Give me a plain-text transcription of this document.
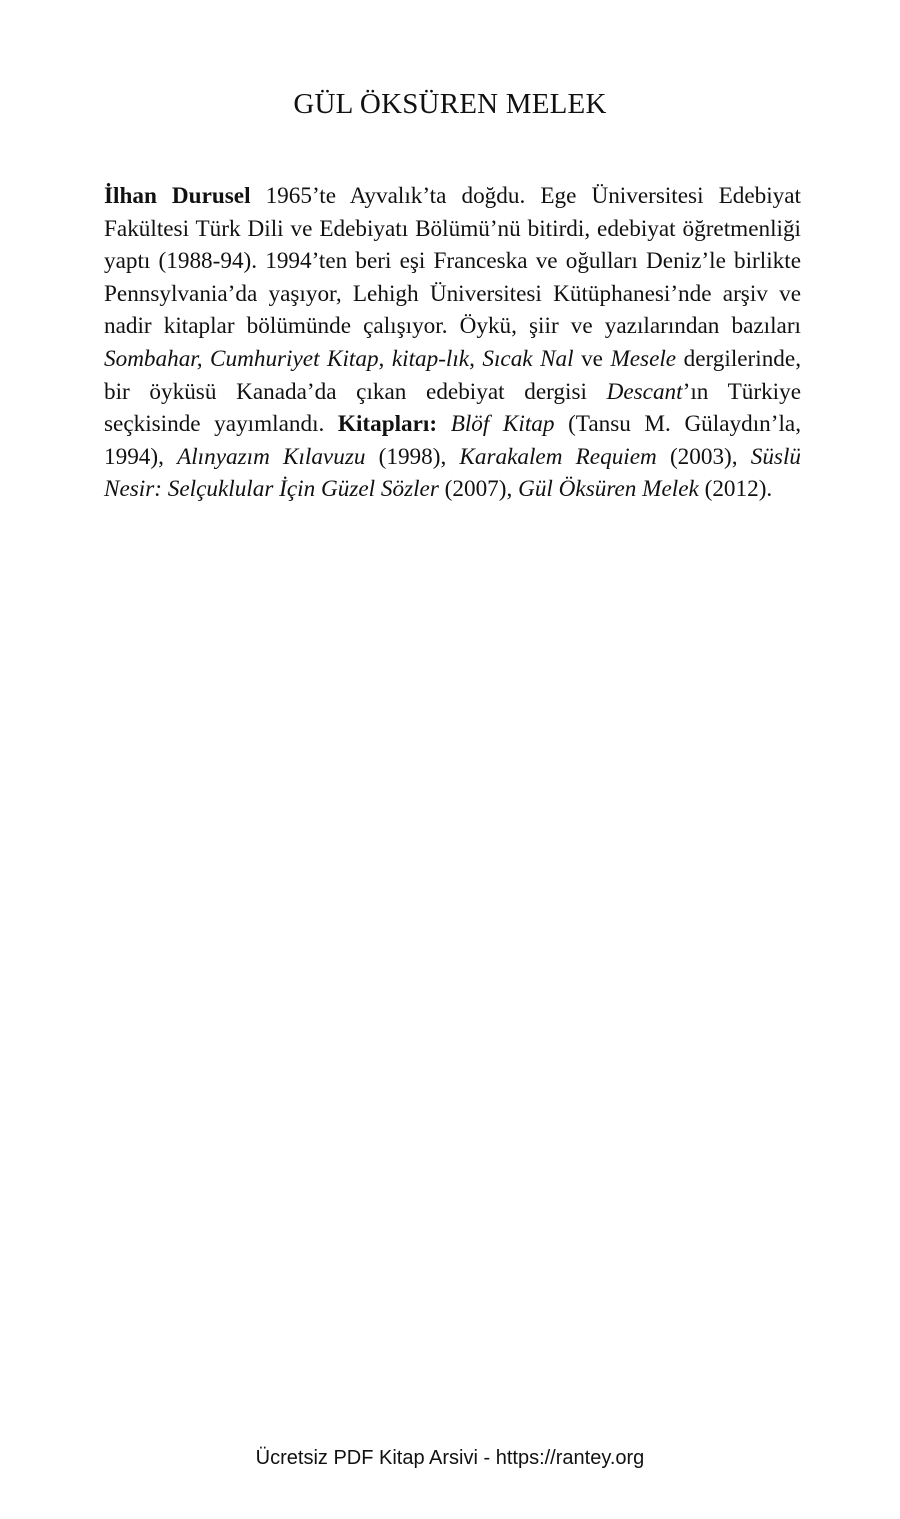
GÜL ÖKSÜREN MELEK

İlhan Durusel 1965’te Ayvalık’ta doğdu. Ege Üniversitesi Edebiyat Fakültesi Türk Dili ve Edebiyatı Bölümü’nü bitirdi, edebiyat öğretmenliği yaptı (1988-94). 1994’ten beri eşi Franceska ve oğulları Deniz’le birlikte Pennsylvania’da yaşıyor, Lehigh Üniversitesi Kütüphanesi’nde arşiv ve nadir kitaplar bölümünde çalışıyor. Öykü, şiir ve yazılarından bazıları Sombahar, Cumhuriyet Kitap, kitap-lık, Sıcak Nal ve Mesele dergilerinde, bir öyküsü Kanada’da çıkan edebiyat dergisi Descant’ın Türkiye seçkisinde yayımlandı. Kitapları: Blöf Kitap (Tansu M. Gülaydın’la, 1994), Alınyazım Kılavuzu (1998), Karakalem Requiem (2003), Süslü Nesir: Selçuklular İçin Güzel Sözler (2007), Gül Öksüren Melek (2012).

Ücretsiz PDF Kitap Arsivi - https://rantey.org
